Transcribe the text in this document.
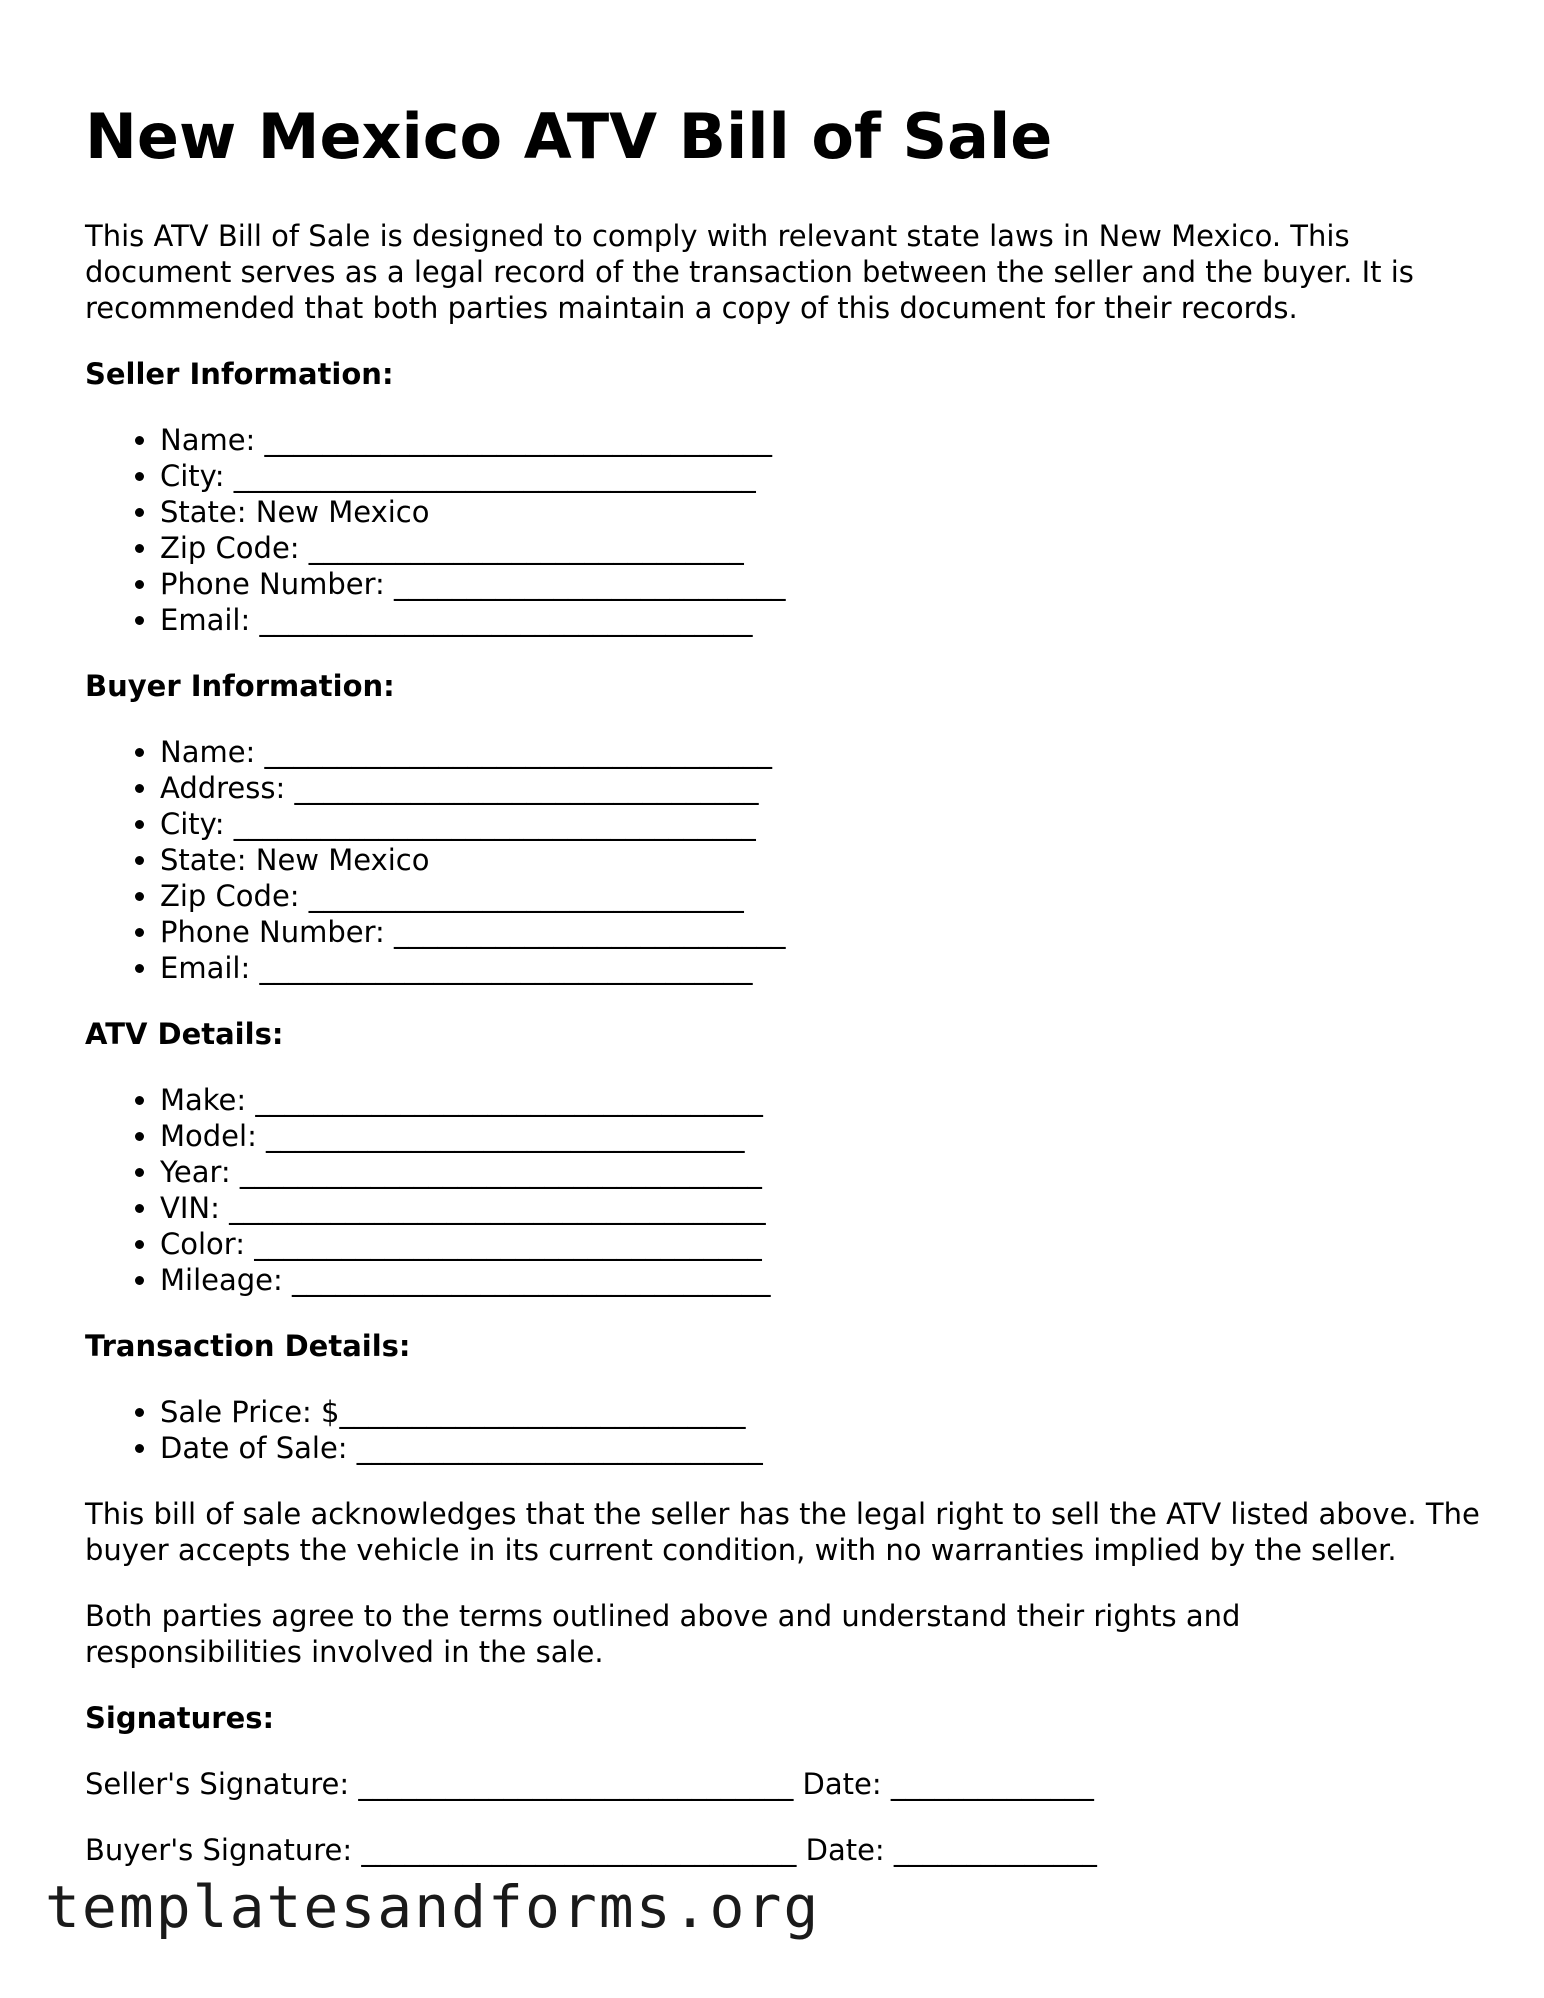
New Mexico ATV Bill of Sale

This ATV Bill of Sale is designed to comply with relevant state laws in New Mexico. This document serves as a legal record of the transaction between the seller and the buyer. It is recommended that both parties maintain a copy of this document for their records.

Seller Information:
• Name: ___________________________________
• City: ____________________________________
• State: New Mexico
• Zip Code: ______________________________
• Phone Number: ___________________________
• Email: __________________________________
Buyer Information:
• Name: ___________________________________
• Address: ________________________________
• City: ____________________________________
• State: New Mexico
• Zip Code: ______________________________
• Phone Number: ___________________________
• Email: __________________________________
ATV Details:
• Make: ___________________________________
• Model: _________________________________
• Year: ____________________________________
• VIN: _____________________________________
• Color: ___________________________________
• Mileage: _________________________________
Transaction Details:
• Sale Price: $____________________________
• Date of Sale: ____________________________

This bill of sale acknowledges that the seller has the legal right to sell the ATV listed above. The buyer accepts the vehicle in its current condition, with no warranties implied by the seller.

Both parties agree to the terms outlined above and understand their rights and responsibilities involved in the sale.

Signatures:
Seller's Signature: ______________________________ Date: ______________
Buyer's Signature: ______________________________ Date: ______________
templatesandforms.org
